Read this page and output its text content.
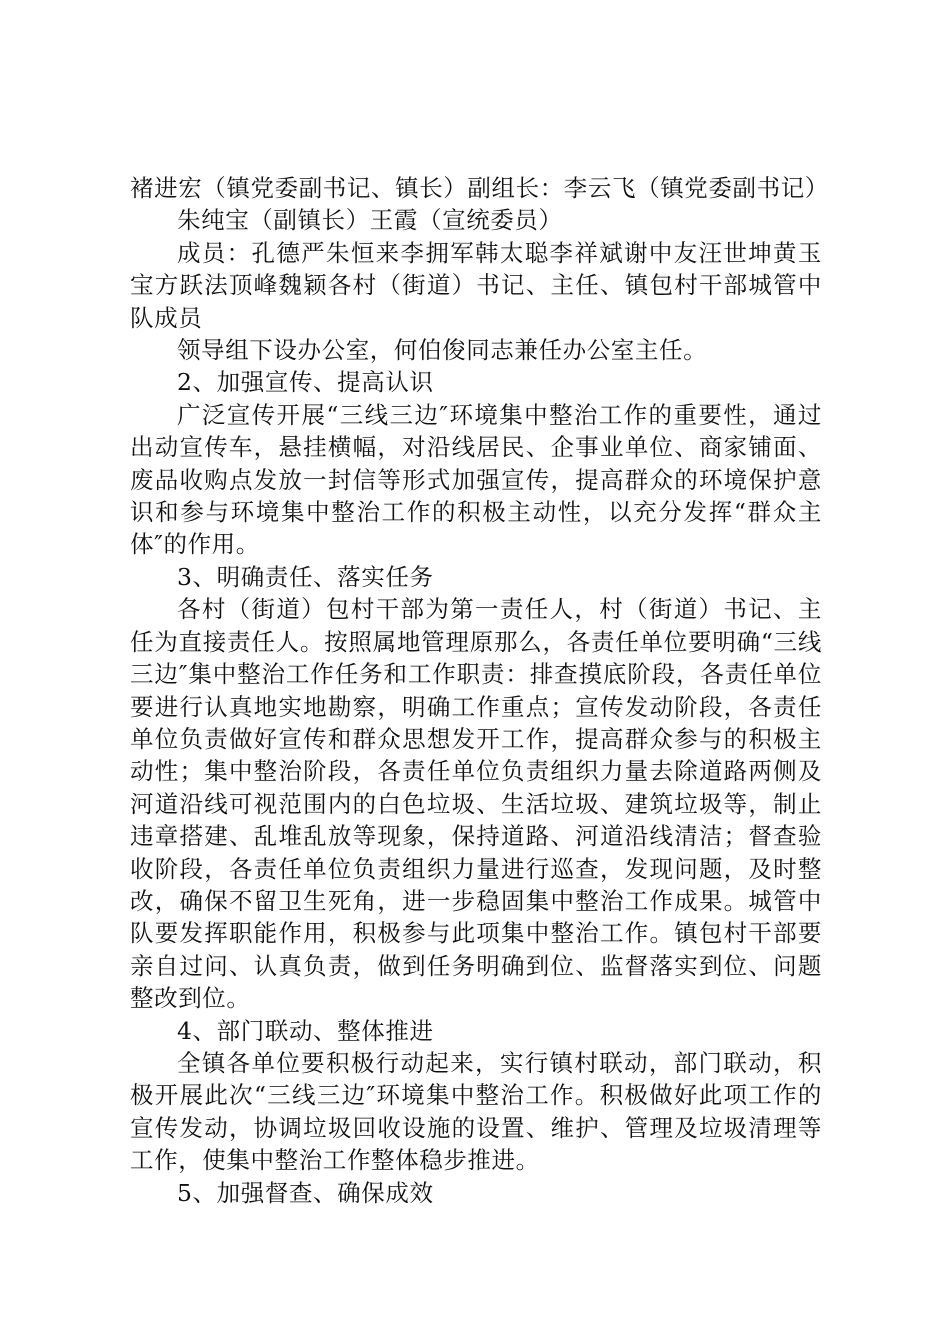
褚进宏（镇党委副书记、镇长）副组长：李云飞（镇党委副书记）

朱纯宝（副镇长）王霞（宣统委员）

成员：孔德严朱恒来李拥军韩太聪李祥斌谢中友汪世坤黄玉宝方跃法顶峰魏颖各村（街道）书记、主任、镇包村干部城管中队成员

领导组下设办公室，何伯俊同志兼任办公室主任。

2、加强宣传、提高认识

广泛宣传开展“三线三边″环境集中整治工作的重要性，通过出动宣传车，悬挂横幅，对沿线居民、企事业单位、商家铺面、废品收购点发放一封信等形式加强宣传，提高群众的环境保护意识和参与环境集中整治工作的积极主动性，以充分发挥“群众主体″的作用。

3、明确责任、落实任务

各村（街道）包村干部为第一责任人，村（街道）书记、主任为直接责任人。按照属地管理原那么，各责任单位要明确“三线三边″集中整治工作任务和工作职责：排查摸底阶段，各责任单位要进行认真地实地勘察，明确工作重点；宣传发动阶段，各责任单位负责做好宣传和群众思想发开工作，提高群众参与的积极主动性；集中整治阶段，各责任单位负责组织力量去除道路两侧及河道沿线可视范围内的白色垃圾、生活垃圾、建筑垃圾等，制止违章搭建、乱堆乱放等现象，保持道路、河道沿线清洁；督查验收阶段，各责任单位负责组织力量进行巡查，发现问题，及时整改，确保不留卫生死角，进一步稳固集中整治工作成果。城管中队要发挥职能作用，积极参与此项集中整治工作。镇包村干部要亲自过问、认真负责，做到任务明确到位、监督落实到位、问题整改到位。

4、部门联动、整体推进

全镇各单位要积极行动起来，实行镇村联动，部门联动，积极开展此次“三线三边″环境集中整治工作。积极做好此项工作的宣传发动，协调垃圾回收设施的设置、维护、管理及垃圾清理等工作，使集中整治工作整体稳步推进。

5、加强督查、确保成效
